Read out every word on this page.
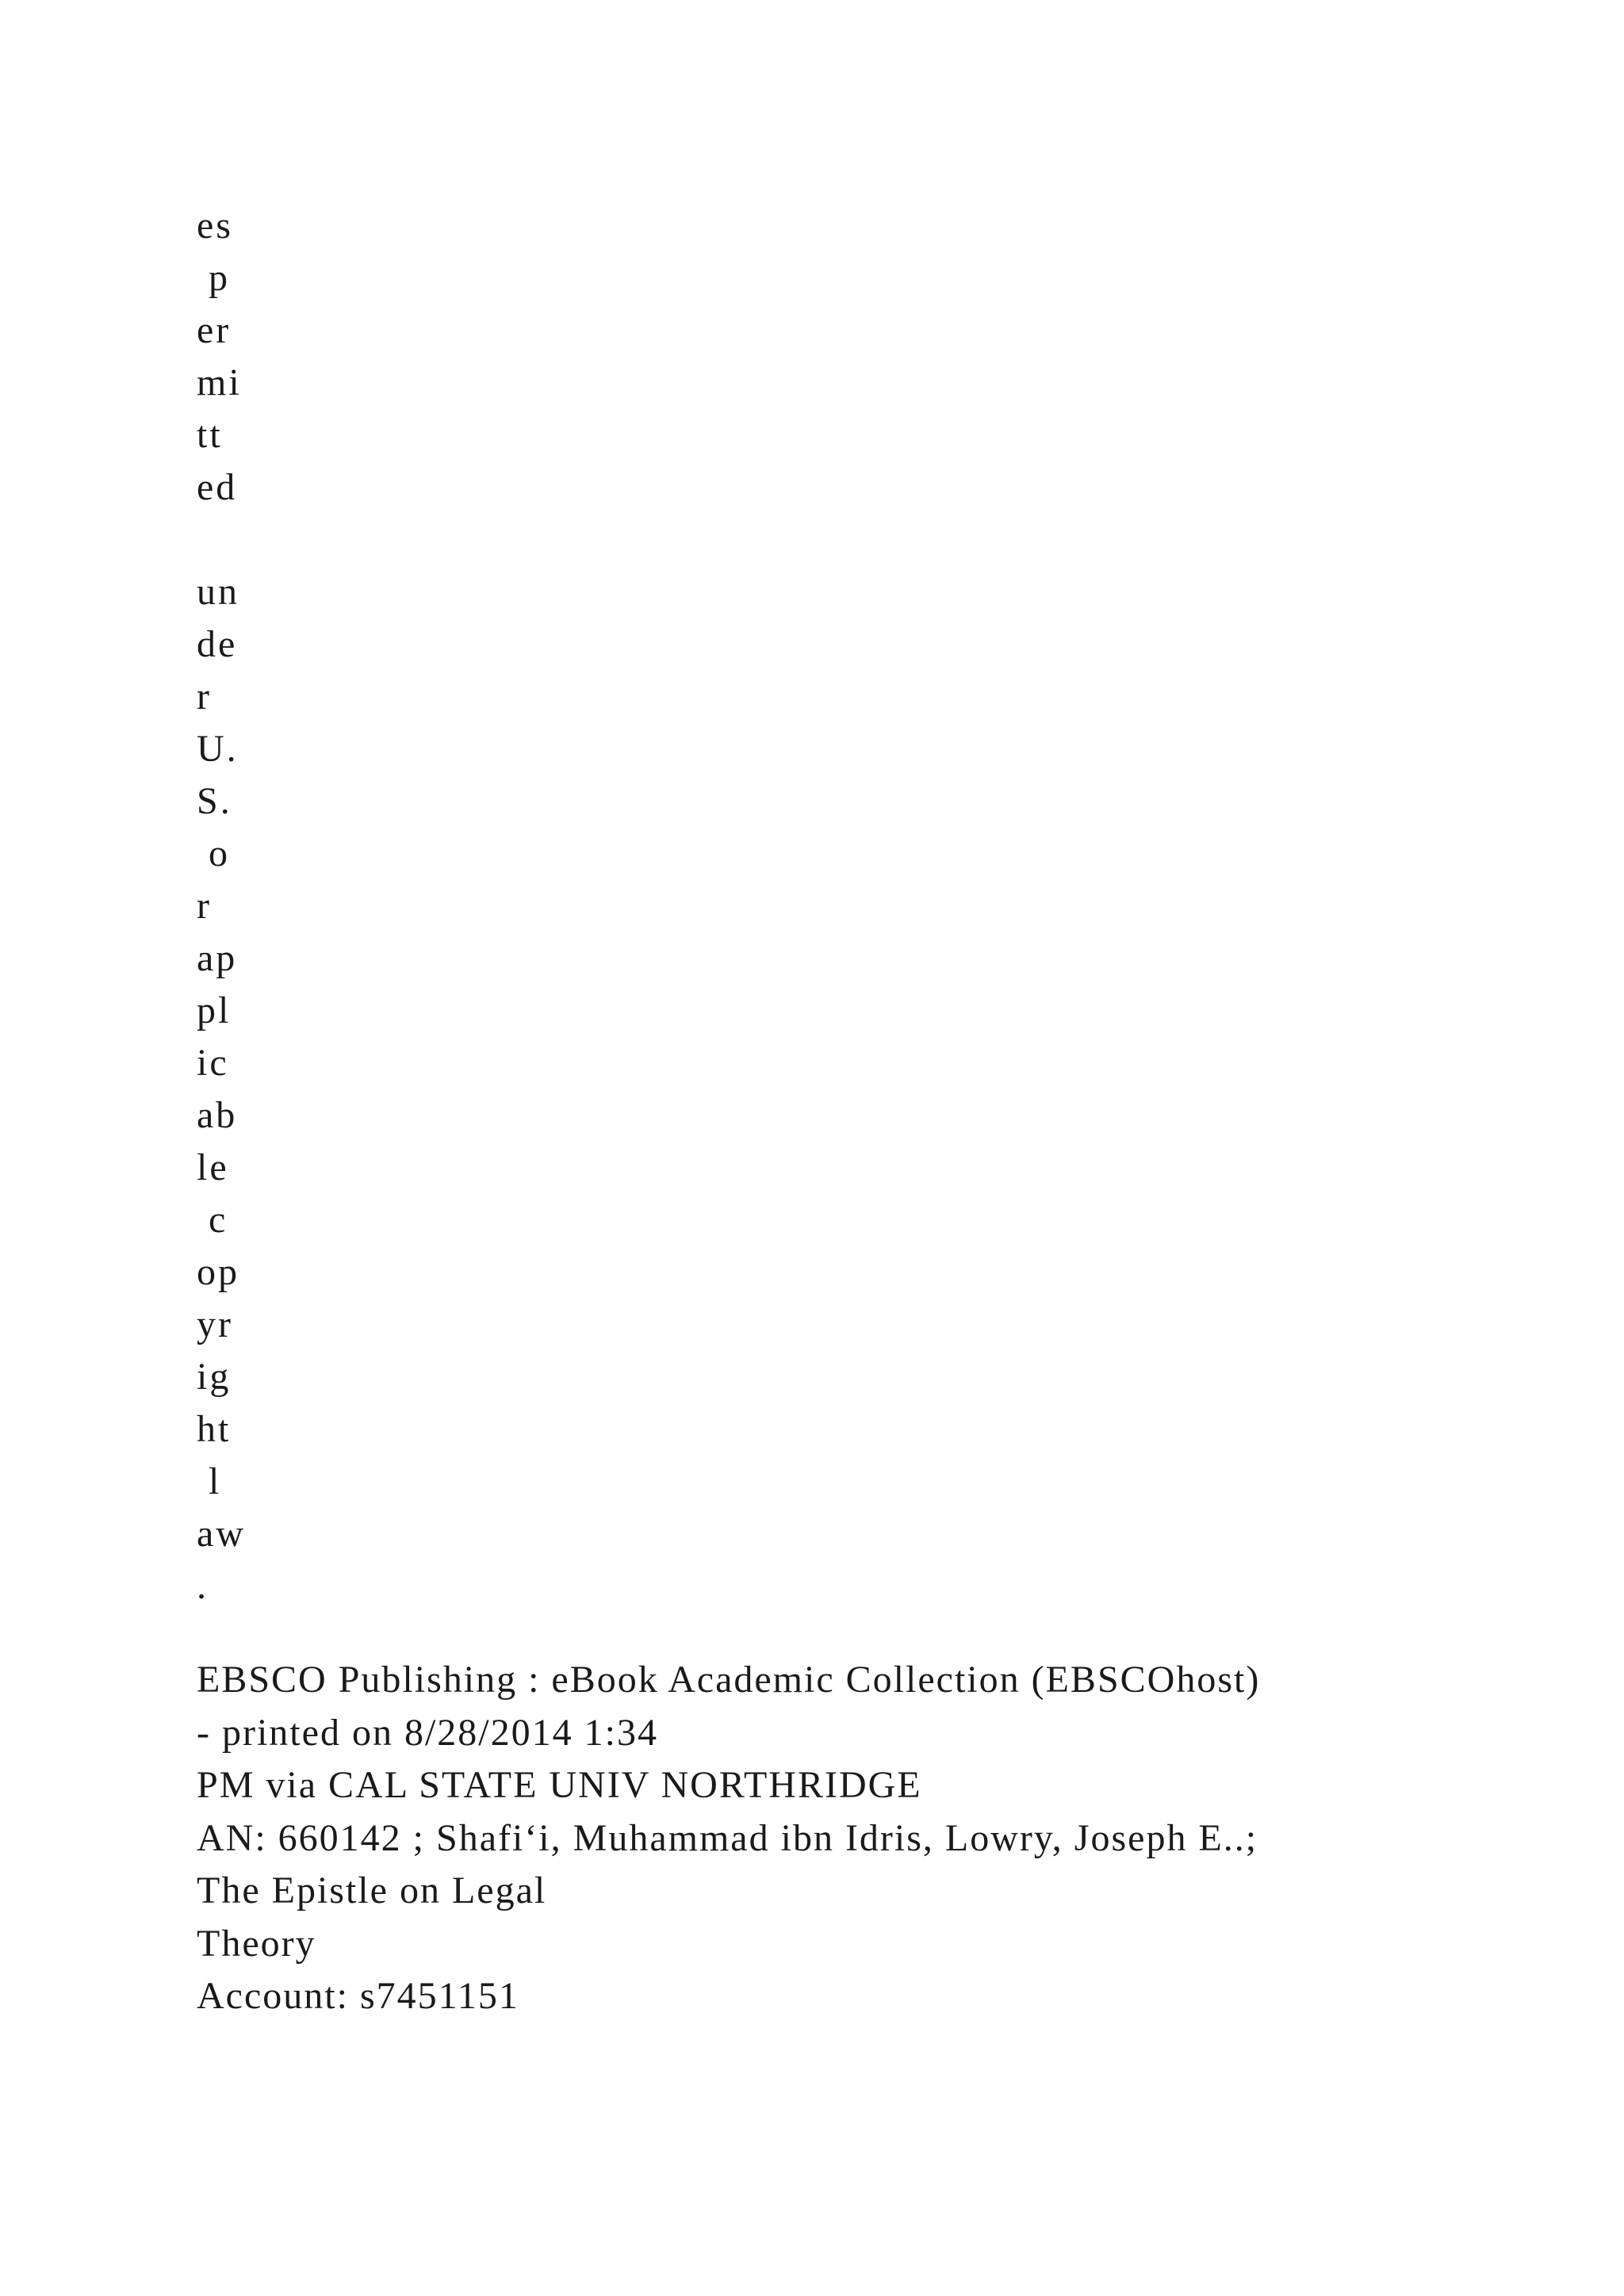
es
p
er
mi
tt
ed
un
de
r
U.
S.
o
r
ap
pl
ic
ab
le
c
op
yr
ig
ht
l
aw
.
EBSCO Publishing : eBook Academic Collection (EBSCOhost)
- printed on 8/28/2014 1:34
PM via CAL STATE UNIV NORTHRIDGE
AN: 660142 ; Shafi‘i, Muhammad ibn Idris, Lowry, Joseph E..;
The Epistle on Legal
Theory
Account: s7451151
